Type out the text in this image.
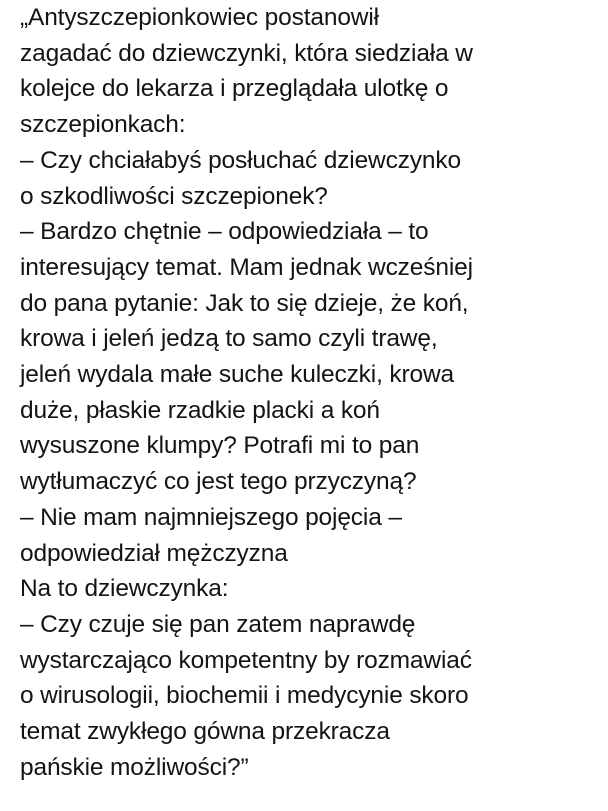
„Antyszczepionkowiec postanowił
zagadać do dziewczynki, która siedziała w
kolejce do lekarza i przeglądała ulotkę o
szczepionkach:
– Czy chciałabyś posłuchać dziewczynko
o szkodliwości szczepionek?
– Bardzo chętnie – odpowiedziała – to
interesujący temat. Mam jednak wcześniej
do pana pytanie: Jak to się dzieje, że koń,
krowa i jeleń jedzą to samo czyli trawę,
jeleń wydala małe suche kuleczki, krowa
duże, płaskie rzadkie placki a koń
wysuszone klumpy? Potrafi mi to pan
wytłumaczyć co jest tego przyczyną?
– Nie mam najmniejszego pojęcia –
odpowiedział mężczyzna
Na to dziewczynka:
– Czy czuje się pan zatem naprawdę
wystarczająco kompetentny by rozmawiać
o wirusologii, biochemii i medycynie skoro
temat zwykłego gówna przekracza
pańskie możliwości?”
